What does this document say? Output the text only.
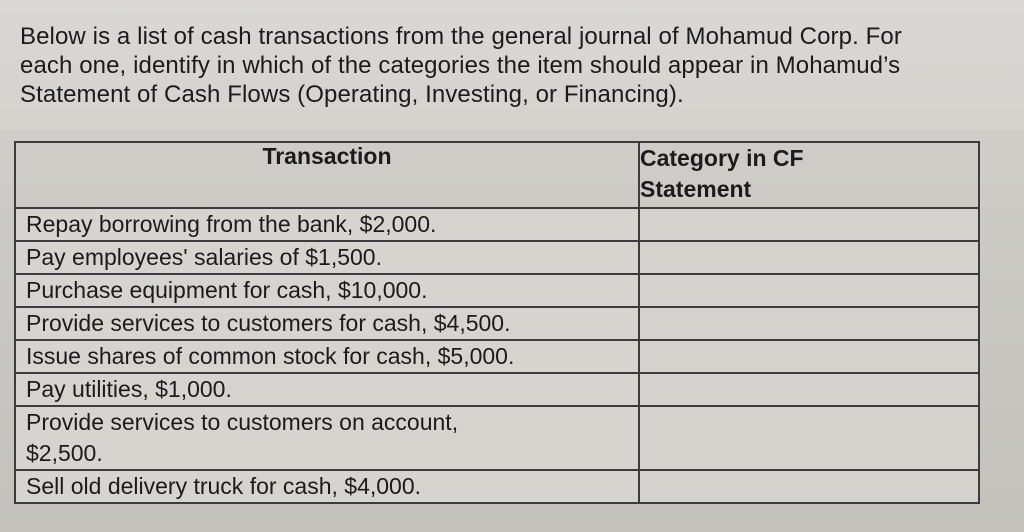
Below is a list of cash transactions from the general journal of Mohamud Corp. For
each one, identify in which of the categories the item should appear in Mohamud’s
Statement of Cash Flows (Operating, Investing, or Financing).
Transaction	Category in CF
Statement

Repay borrowing from the bank, $2,000.	
Pay employees' salaries of $1,500.	
Purchase equipment for cash, $10,000.	
Provide services to customers for cash, $4,500.	
Issue shares of common stock for cash, $5,000.	
Pay utilities, $1,000.	

Provide services to customers on account,
$2,500.	

Sell old delivery truck for cash, $4,000.	
